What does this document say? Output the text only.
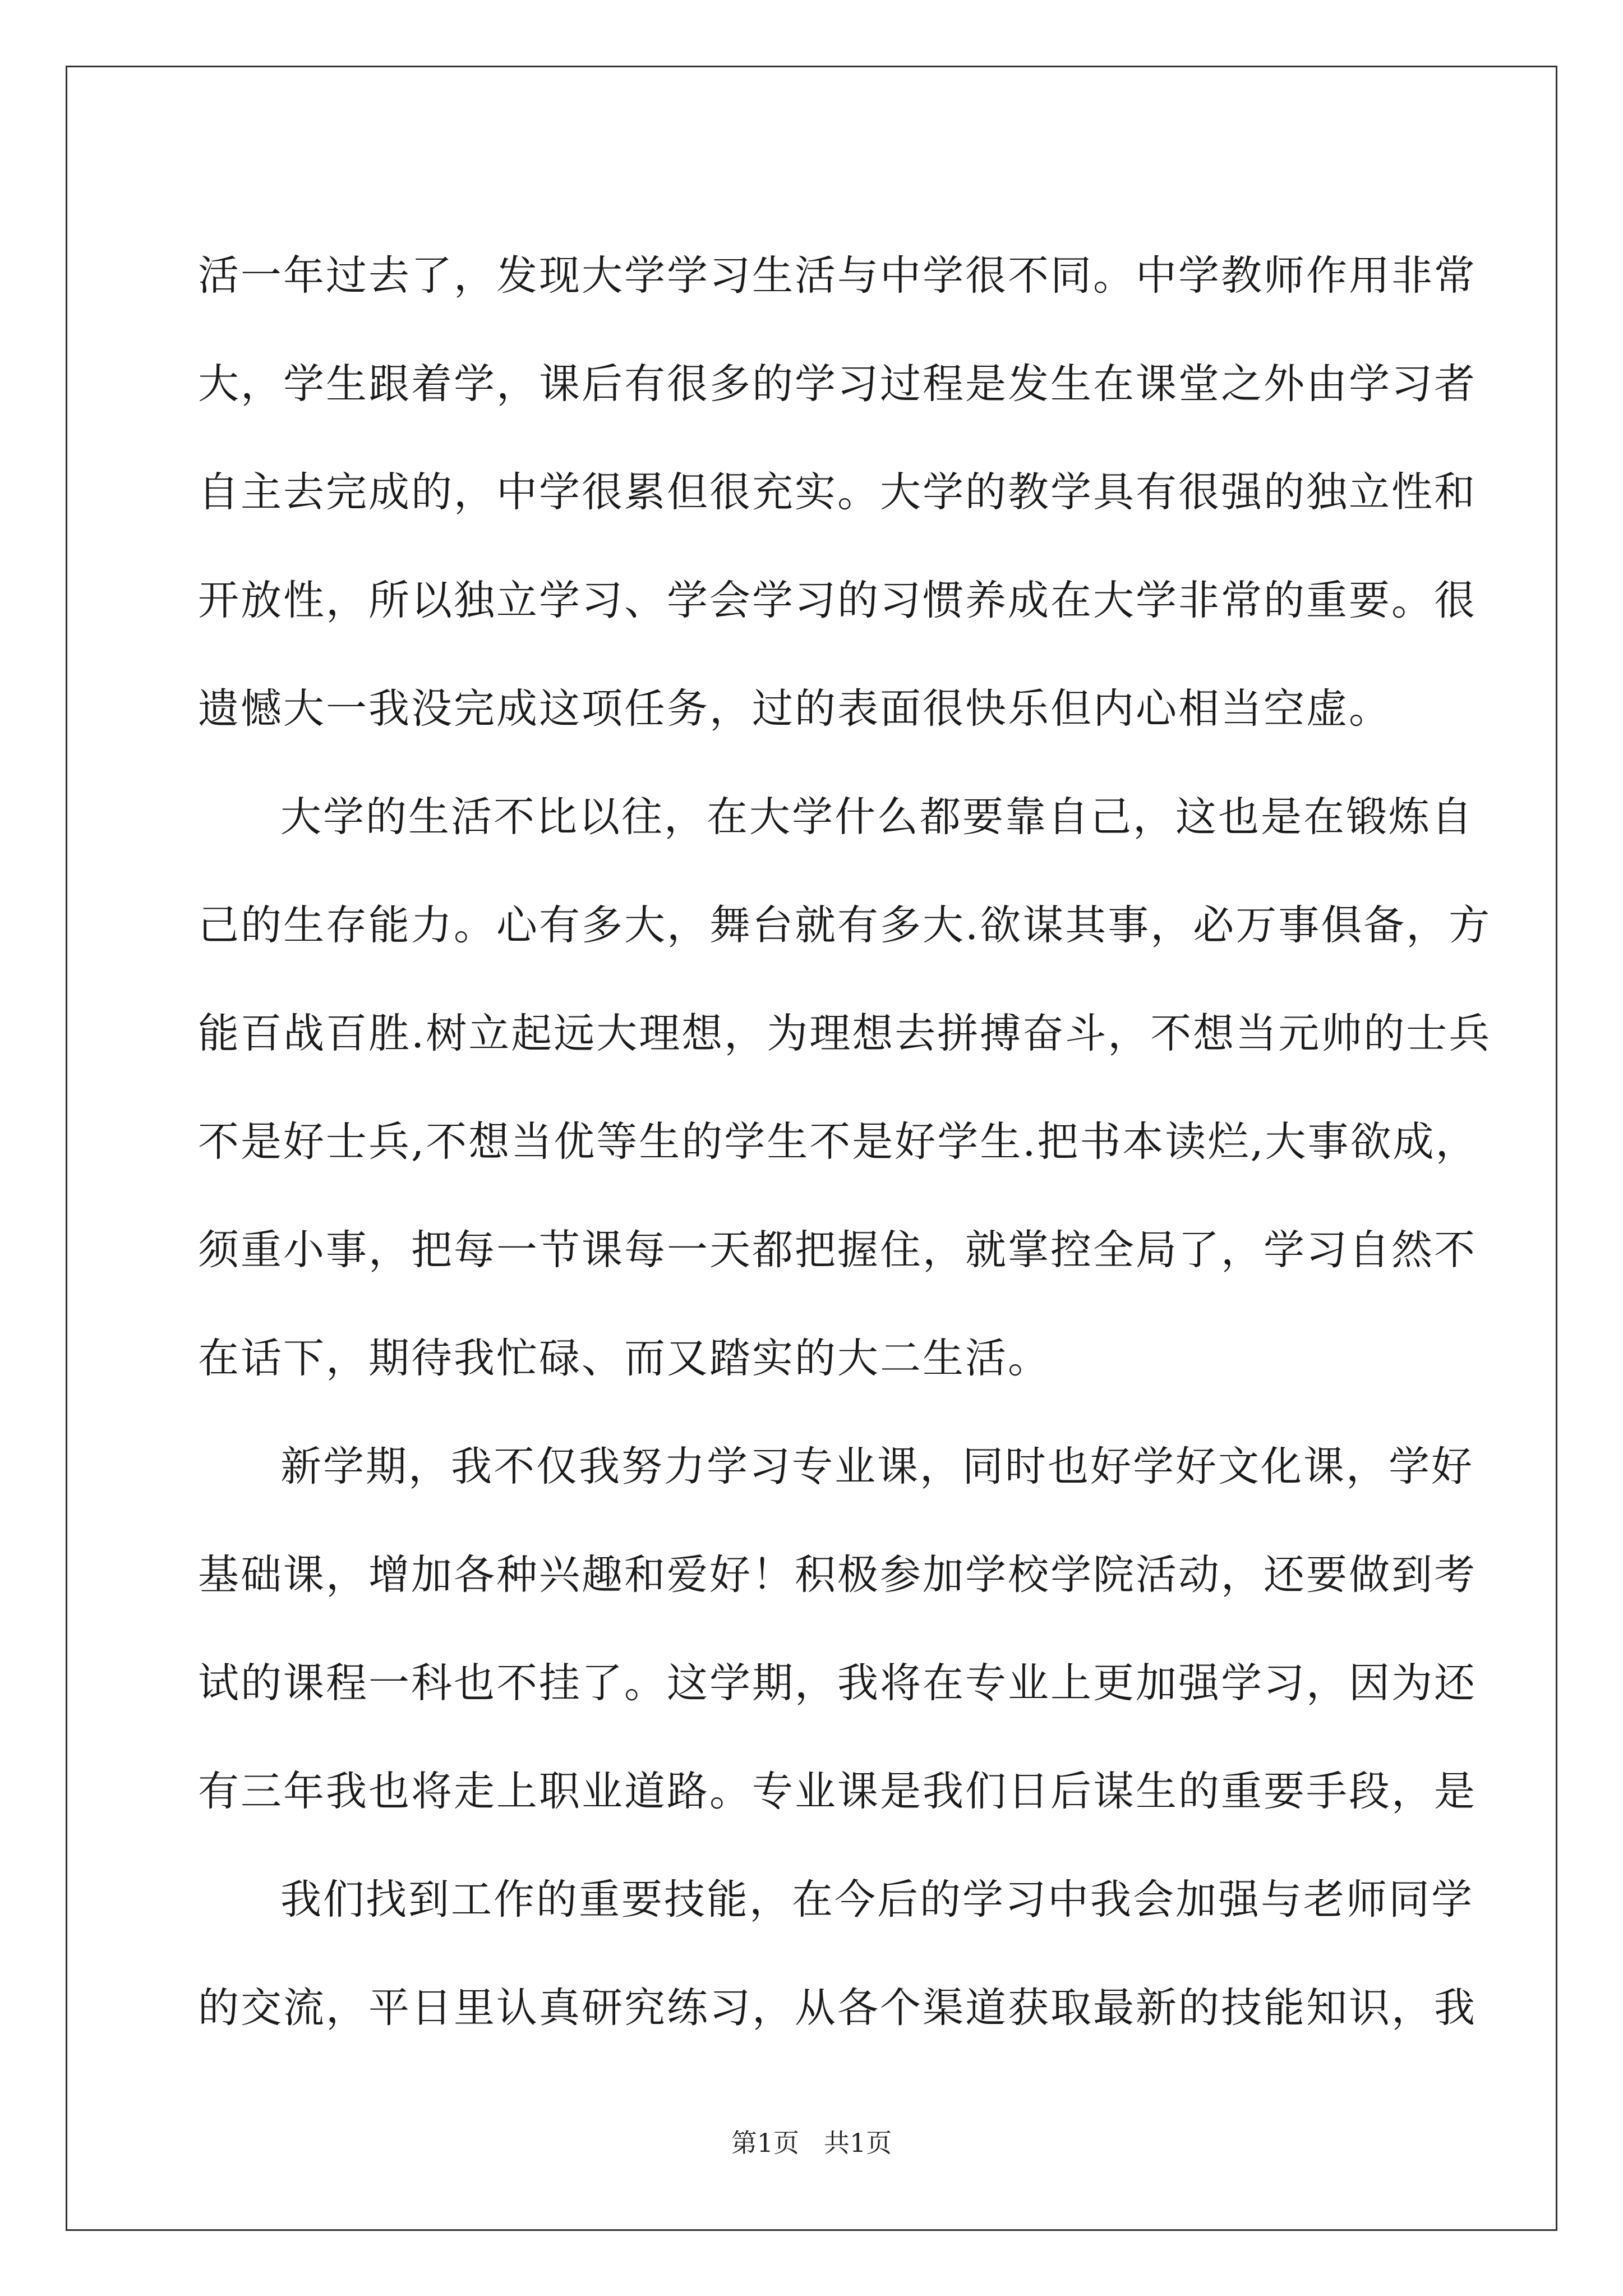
活一年过去了，发现大学学习生活与中学很不同。中学教师作用非常
大，学生跟着学，课后有很多的学习过程是发生在课堂之外由学习者
自主去完成的，中学很累但很充实。大学的教学具有很强的独立性和
开放性，所以独立学习、学会学习的习惯养成在大学非常的重要。很
遗憾大一我没完成这项任务，过的表面很快乐但内心相当空虚。

大学的生活不比以往，在大学什么都要靠自己，这也是在锻炼自
己的生存能力。心有多大，舞台就有多大.欲谋其事，必万事俱备，方
能百战百胜.树立起远大理想，为理想去拼搏奋斗，不想当元帅的士兵
不是好士兵,不想当优等生的学生不是好学生.把书本读烂,大事欲成，
须重小事，把每一节课每一天都把握住，就掌控全局了，学习自然不
在话下，期待我忙碌、而又踏实的大二生活。

新学期，我不仅我努力学习专业课，同时也好学好文化课，学好
基础课，增加各种兴趣和爱好！积极参加学校学院活动，还要做到考
试的课程一科也不挂了。这学期，我将在专业上更加强学习，因为还
有三年我也将走上职业道路。专业课是我们日后谋生的重要手段，是

我们找到工作的重要技能，在今后的学习中我会加强与老师同学
的交流，平日里认真研究练习，从各个渠道获取最新的技能知识，我

第1页 共1页
